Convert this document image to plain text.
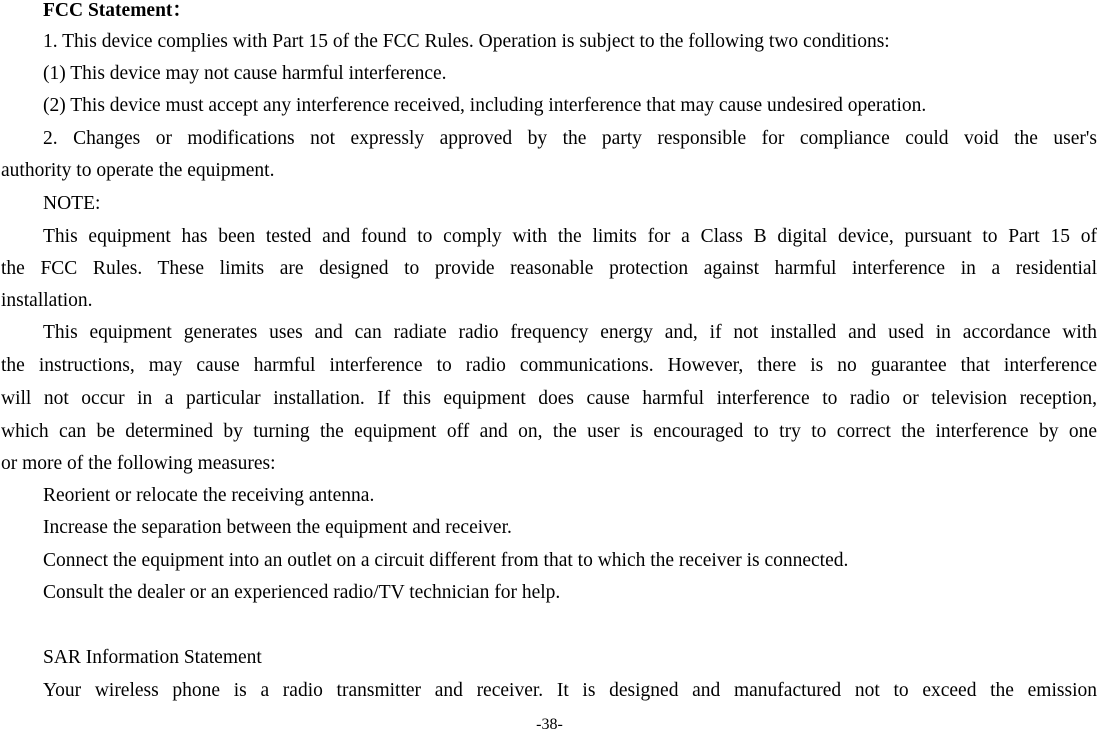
FCC Statement：
1. This device complies with Part 15 of the FCC Rules. Operation is subject to the following two conditions:
(1) This device may not cause harmful interference.
(2) This device must accept any interference received, including interference that may cause undesired operation.
2. Changes or modifications not expressly approved by the party responsible for compliance could void the user's
authority to operate the equipment.
NOTE:
This equipment has been tested and found to comply with the limits for a Class B digital device, pursuant to Part 15 of
the FCC Rules. These limits are designed to provide reasonable protection against harmful interference in a residential
installation.
This equipment generates uses and can radiate radio frequency energy and, if not installed and used in accordance with
the instructions, may cause harmful interference to radio communications. However, there is no guarantee that interference
will not occur in a particular installation. If this equipment does cause harmful interference to radio or television reception,
which can be determined by turning the equipment off and on, the user is encouraged to try to correct the interference by one
or more of the following measures:
Reorient or relocate the receiving antenna.
Increase the separation between the equipment and receiver.
Connect the equipment into an outlet on a circuit different from that to which the receiver is connected.
Consult the dealer or an experienced radio/TV technician for help.
SAR Information Statement
Your wireless phone is a radio transmitter and receiver. It is designed and manufactured not to exceed the emission
-38-
